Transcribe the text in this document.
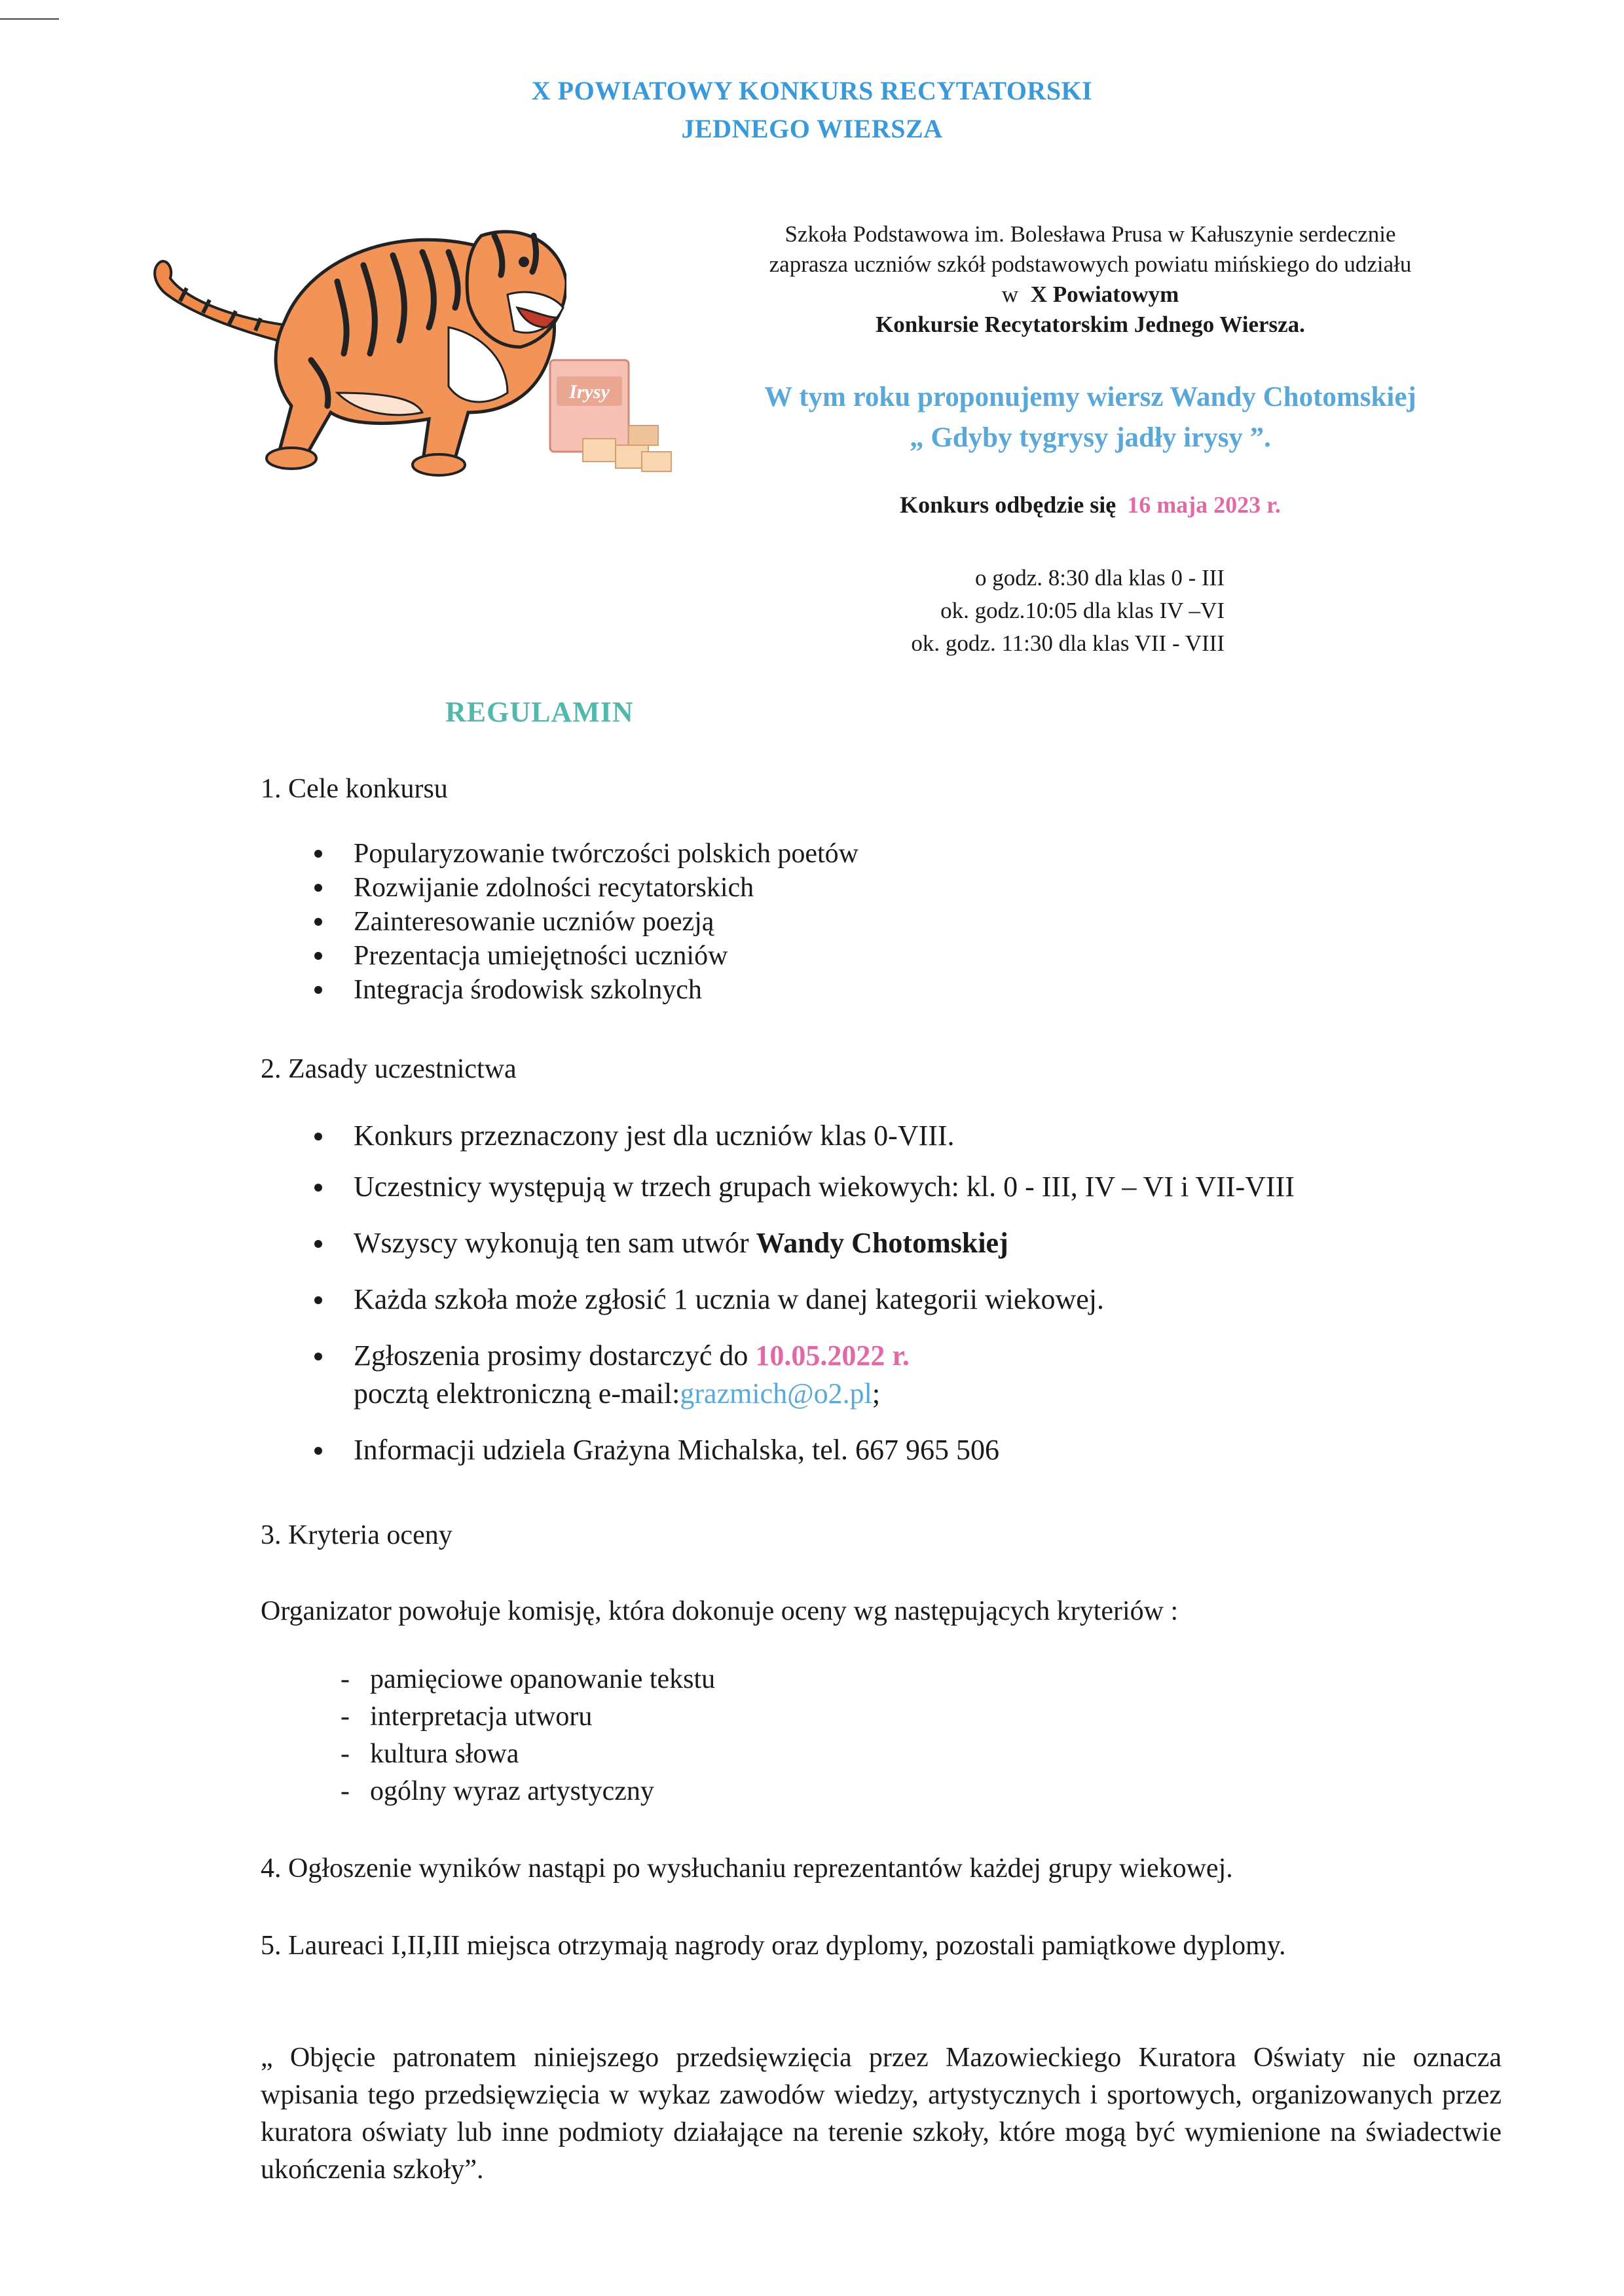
X POWIATOWY KONKURS RECYTATORSKI
JEDNEGO WIERSZA
Irysy
Szkoła Podstawowa im. Bolesława Prusa w Kałuszynie serdecznie
zaprasza uczniów szkół podstawowych powiatu mińskiego do udziału
w X Powiatowym
Konkursie Recytatorskim Jednego Wiersza.
W tym roku proponujemy wiersz Wandy Chotomskiej
„ Gdyby tygrysy jadły irysy ”.
Konkurs odbędzie się 16 maja 2023 r.
o godz. 8:30 dla klas 0 - III
ok. godz.10:05 dla klas IV –VI
ok. godz. 11:30 dla klas VII - VIII
REGULAMIN
1. Cele konkursu
Popularyzowanie twórczości polskich poetów
Rozwijanie zdolności recytatorskich
Zainteresowanie uczniów poezją
Prezentacja umiejętności uczniów
Integracja środowisk szkolnych
2. Zasady uczestnictwa
Konkurs przeznaczony jest dla uczniów klas 0-VIII.
Uczestnicy występują w trzech grupach wiekowych: kl. 0 - III, IV – VI i VII-VIII
Wszyscy wykonują ten sam utwór Wandy Chotomskiej
Każda szkoła może zgłosić 1 ucznia w danej kategorii wiekowej.
Zgłoszenia prosimy dostarczyć do 10.05.2022 r.
pocztą elektroniczną e-mail:grazmich@o2.pl;
Informacji udziela Grażyna Michalska, tel. 667 965 506
3. Kryteria oceny
Organizator powołuje komisję, która dokonuje oceny wg następujących kryteriów :
- pamięciowe opanowanie tekstu
- interpretacja utworu
- kultura słowa
- ogólny wyraz artystyczny
4. Ogłoszenie wyników nastąpi po wysłuchaniu reprezentantów każdej grupy wiekowej.
5. Laureaci I,II,III miejsca otrzymają nagrody oraz dyplomy, pozostali pamiątkowe dyplomy.
„ Objęcie patronatem niniejszego przedsięwzięcia przez Mazowieckiego Kuratora Oświaty nie oznacza wpisania tego przedsięwzięcia w wykaz zawodów wiedzy, artystycznych i sportowych, organizowanych przez kuratora oświaty lub inne podmioty działające na terenie szkoły, które mogą być wymienione na świadectwie ukończenia szkoły”.
